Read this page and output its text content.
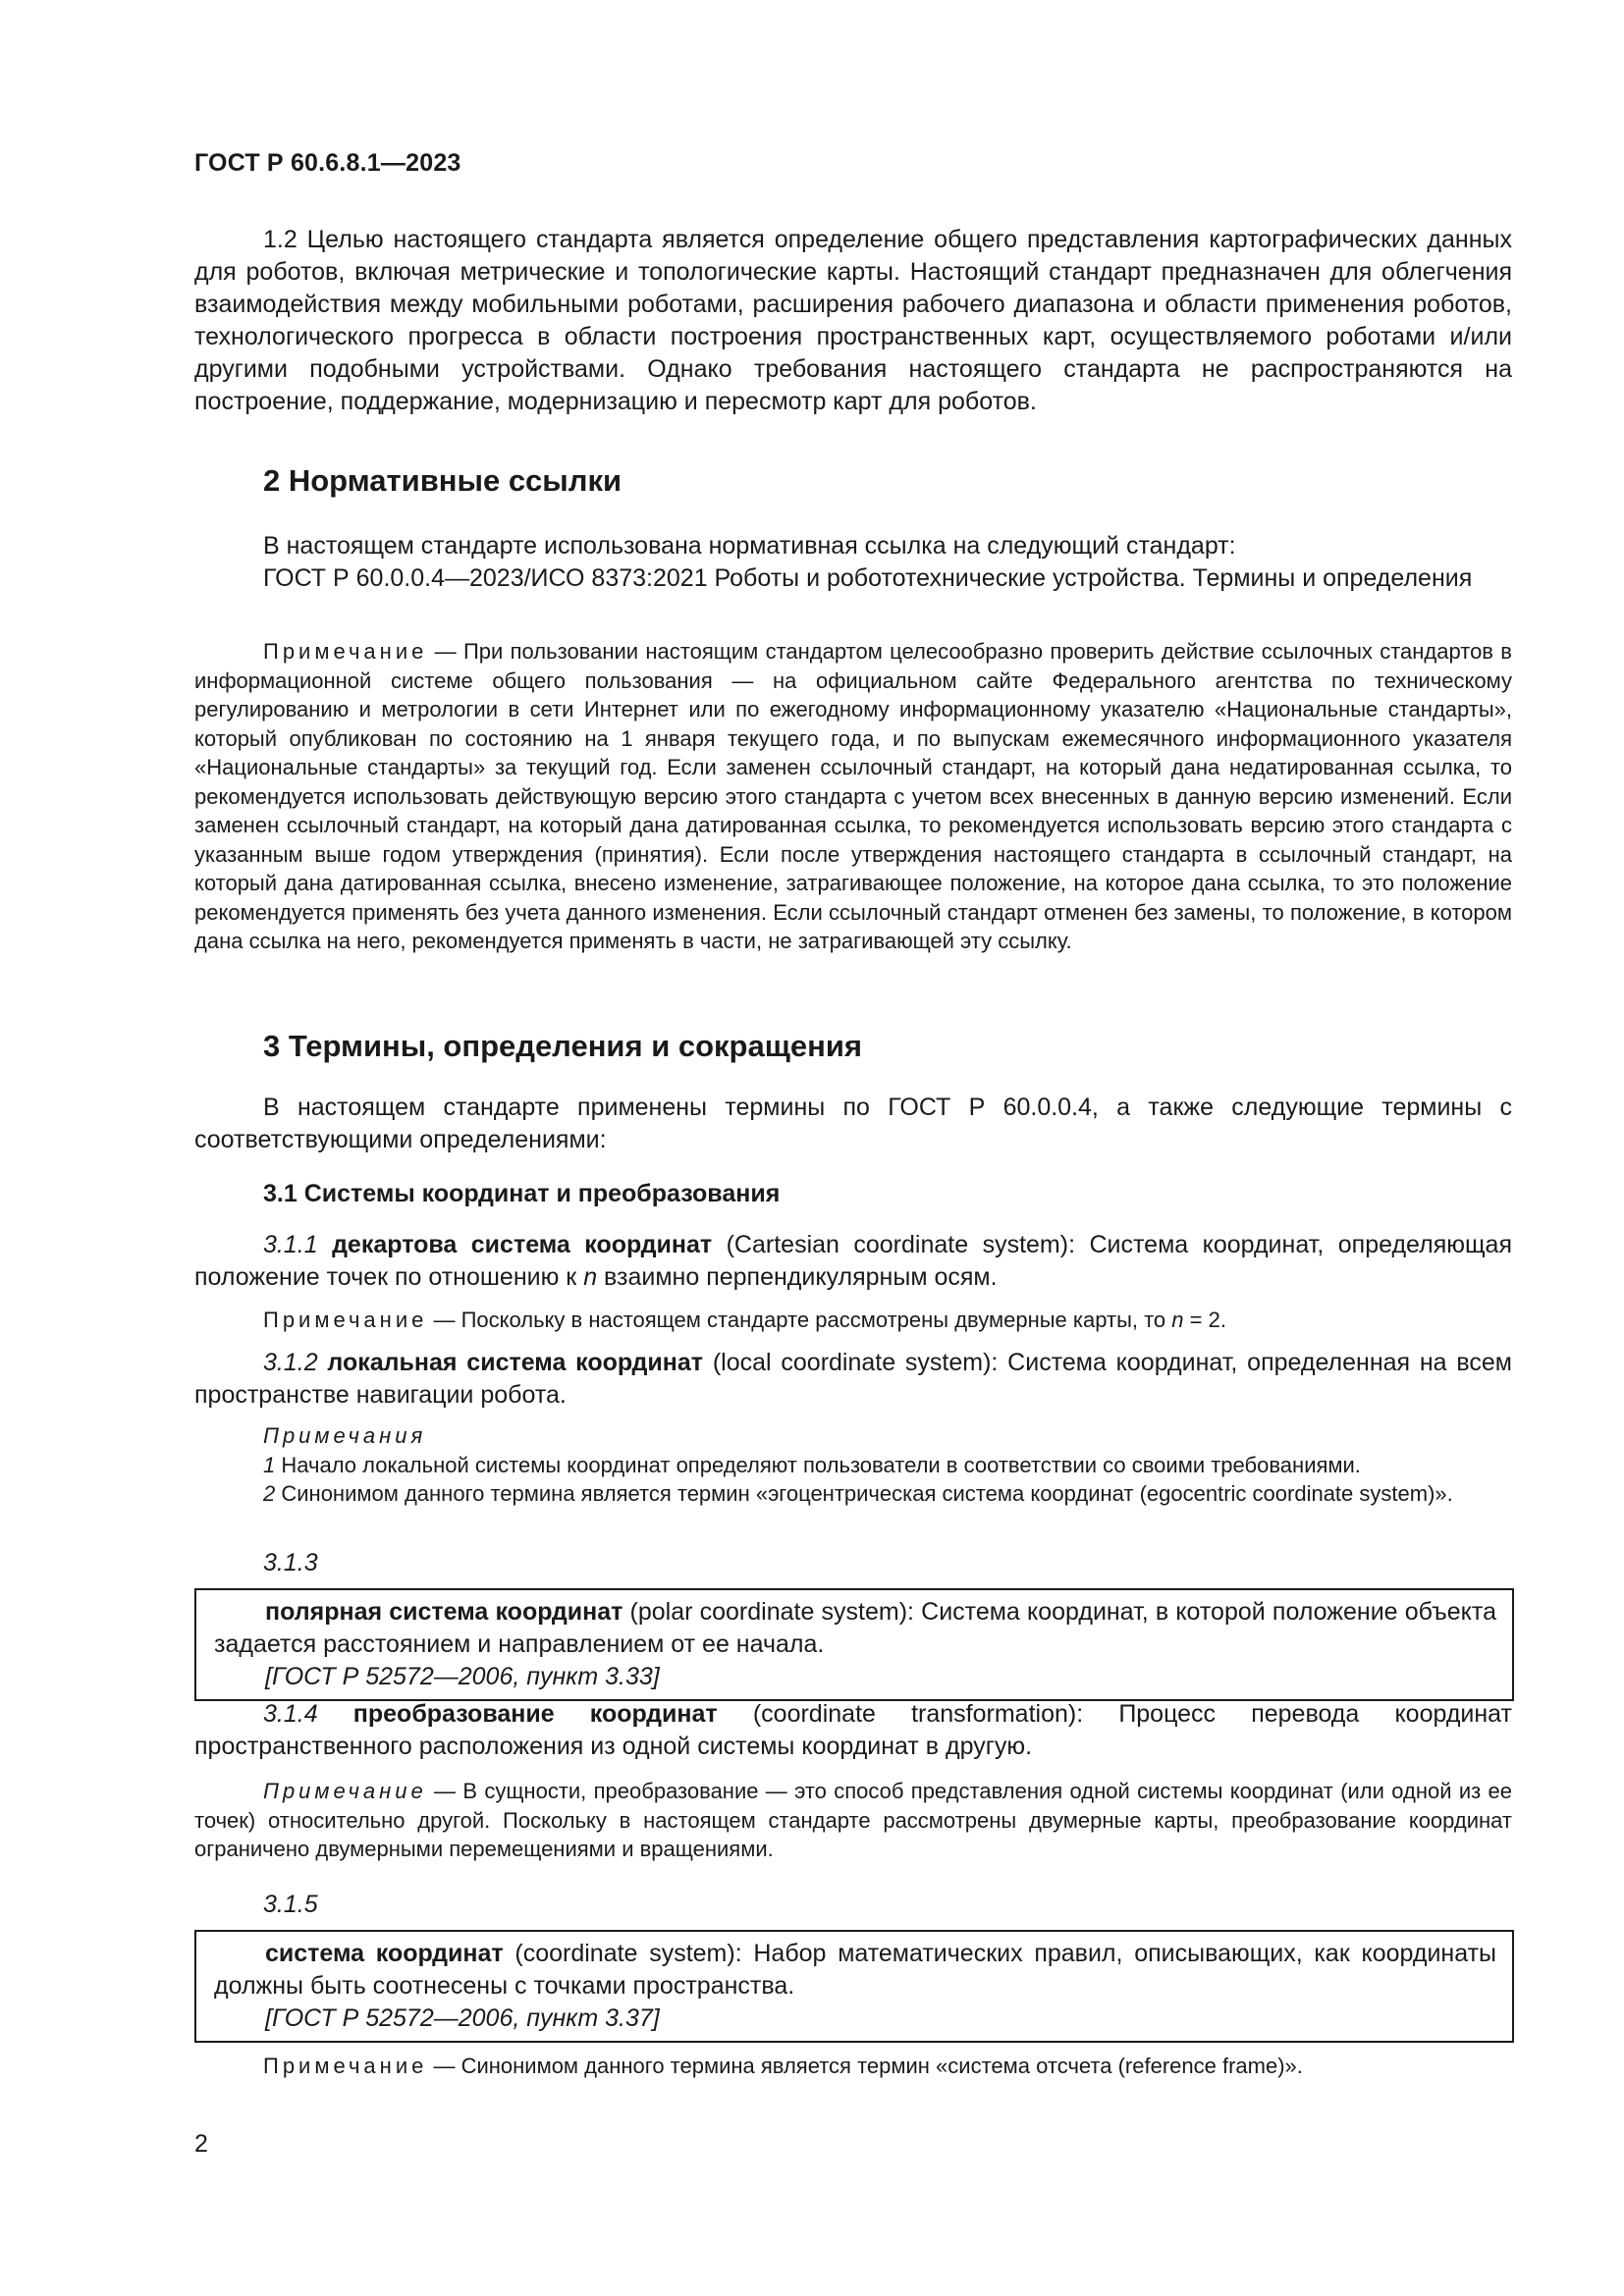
ГОСТ Р 60.6.8.1—2023

1.2 Целью настоящего стандарта является определение общего представления картографических данных для роботов, включая метрические и топологические карты. Настоящий стандарт предназначен для облегчения взаимодействия между мобильными роботами, расширения рабочего диапазона и области применения роботов, технологического прогресса в области построения пространственных карт, осуществляемого роботами и/или другими подобными устройствами. Однако требования настоящего стандарта не распространяются на построение, поддержание, модернизацию и пересмотр карт для роботов.

2 Нормативные ссылки

В настоящем стандарте использована нормативная ссылка на следующий стандарт:

ГОСТ Р 60.0.0.4—2023/ИСО 8373:2021 Роботы и робототехнические устройства. Термины и определения

Примечание — При пользовании настоящим стандартом целесообразно проверить действие ссылочных стандартов в информационной системе общего пользования — на официальном сайте Федерального агентства по техническому регулированию и метрологии в сети Интернет или по ежегодному информационному указателю «Национальные стандарты», который опубликован по состоянию на 1 января текущего года, и по выпускам ежемесячного информационного указателя «Национальные стандарты» за текущий год. Если заменен ссылочный стандарт, на который дана недатированная ссылка, то рекомендуется использовать действующую версию этого стандарта с учетом всех внесенных в данную версию изменений. Если заменен ссылочный стандарт, на который дана датированная ссылка, то рекомендуется использовать версию этого стандарта с указанным выше годом утверждения (принятия). Если после утверждения настоящего стандарта в ссылочный стандарт, на который дана датированная ссылка, внесено изменение, затрагивающее положение, на которое дана ссылка, то это положение рекомендуется применять без учета данного изменения. Если ссылочный стандарт отменен без замены, то положение, в котором дана ссылка на него, рекомендуется применять в части, не затрагивающей эту ссылку.

3 Термины, определения и сокращения

В настоящем стандарте применены термины по ГОСТ Р 60.0.0.4, а также следующие термины с соответствующими определениями:

3.1 Системы координат и преобразования

3.1.1 декартова система координат (Cartesian coordinate system): Система координат, определяющая положение точек по отношению к n взаимно перпендикулярным осям.

Примечание — Поскольку в настоящем стандарте рассмотрены двумерные карты, то n = 2.

3.1.2 локальная система координат (local coordinate system): Система координат, определенная на всем пространстве навигации робота.

Примечания

1 Начало локальной системы координат определяют пользователи в соответствии со своими требованиями.

2 Синонимом данного термина является термин «эгоцентрическая система координат (egocentric coordinate system)».

3.1.3

полярная система координат (polar coordinate system): Система координат, в которой положение объекта задается расстоянием и направлением от ее начала.

[ГОСТ Р 52572—2006, пункт 3.33]

3.1.4 преобразование координат (coordinate transformation): Процесс перевода координат пространственного расположения из одной системы координат в другую.

Примечание — В сущности, преобразование — это способ представления одной системы координат (или одной из ее точек) относительно другой. Поскольку в настоящем стандарте рассмотрены двумерные карты, преобразование координат ограничено двумерными перемещениями и вращениями.

3.1.5

система координат (coordinate system): Набор математических правил, описывающих, как координаты должны быть соотнесены с точками пространства.

[ГОСТ Р 52572—2006, пункт 3.37]

Примечание — Синонимом данного термина является термин «система отсчета (reference frame)».

2
